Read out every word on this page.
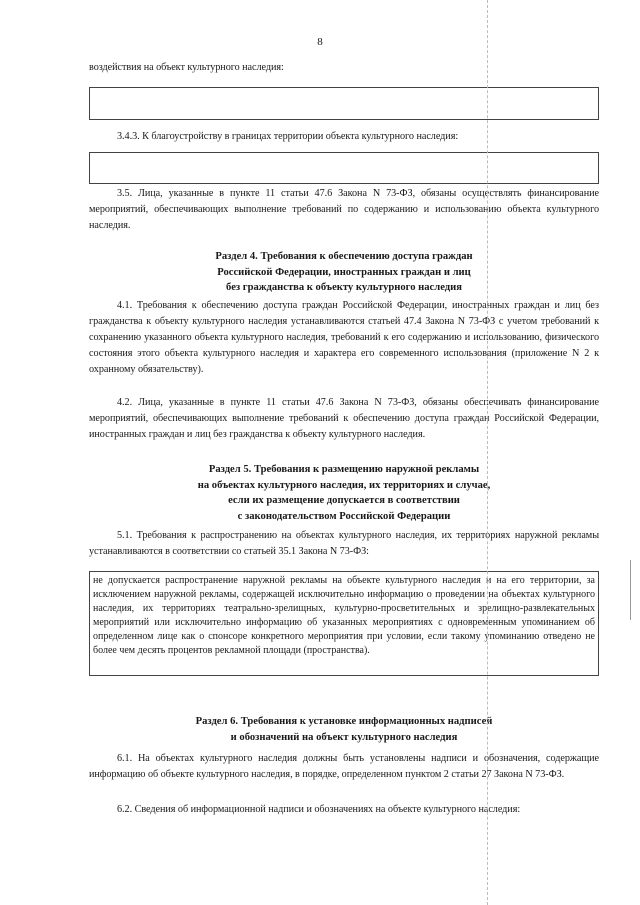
8
воздействия на объект культурного наследия:
3.4.3. К благоустройству в границах территории объекта культурного наследия:
3.5. Лица, указанные в пункте 11 статьи 47.6 Закона N 73-ФЗ, обязаны осуществлять финансирование мероприятий, обеспечивающих выполнение требований по содержанию и использованию объекта культурного наследия.
Раздел 4. Требования к обеспечению доступа граждан
Российской Федерации, иностранных граждан и лиц
без гражданства к объекту культурного наследия
4.1. Требования к обеспечению доступа граждан Российской Федерации, иностранных граждан и лиц без гражданства к объекту культурного наследия устанавливаются статьей 47.4 Закона N 73-ФЗ с учетом требований к сохранению указанного объекта культурного наследия, требований к его содержанию и использованию, физического состояния этого объекта культурного наследия и характера его современного использования (приложение N 2 к охранному обязательству).
4.2. Лица, указанные в пункте 11 статьи 47.6 Закона N 73-ФЗ, обязаны обеспечивать финансирование мероприятий, обеспечивающих выполнение требований к обеспечению доступа граждан Российской Федерации, иностранных граждан и лиц без гражданства к объекту культурного наследия.
Раздел 5. Требования к размещению наружной рекламы
на объектах культурного наследия, их территориях и случае,
если их размещение допускается в соответствии
с законодательством Российской Федерации
5.1. Требования к распространению на объектах культурного наследия, их территориях наружной рекламы устанавливаются в соответствии со статьей 35.1 Закона N 73-ФЗ:
не допускается распространение наружной рекламы на объекте культурного наследия и на его территории, за исключением наружной рекламы, содержащей исключительно информацию о проведении на объектах культурного наследия, их территориях театрально-зрелищных, культурно-просветительных и зрелищно-развлекательных мероприятий или исключительно информацию об указанных мероприятиях с одновременным упоминанием об определенном лице как о спонсоре конкретного мероприятия при условии, если такому упоминанию отведено не более чем десять процентов рекламной площади (пространства).
Раздел 6. Требования к установке информационных надписей
и обозначений на объект культурного наследия
6.1. На объектах культурного наследия должны быть установлены надписи и обозначения, содержащие информацию об объекте культурного наследия, в порядке, определенном пунктом 2 статьи 27 Закона N 73-ФЗ.
6.2. Сведения об информационной надписи и обозначениях на объекте культурного наследия:
